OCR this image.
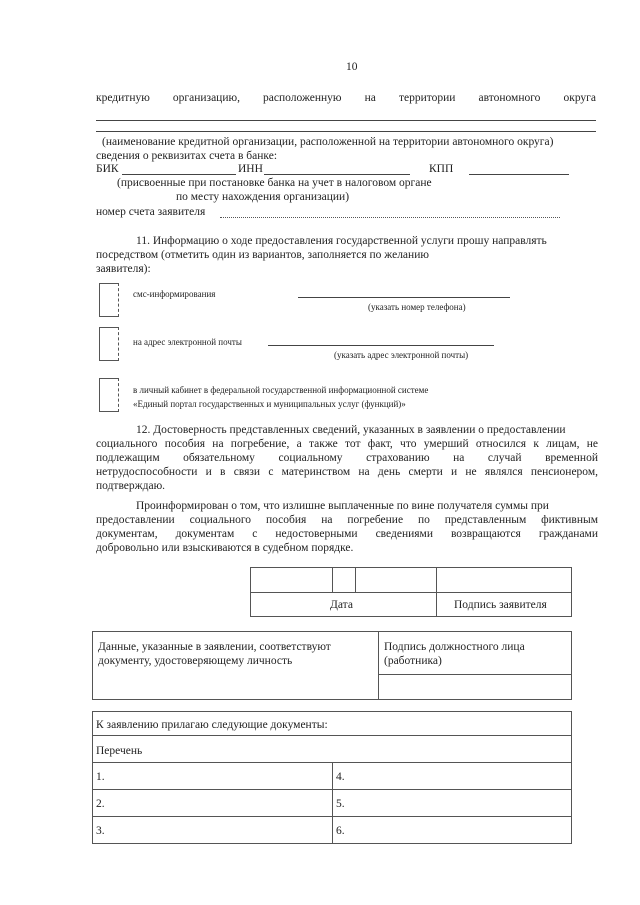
10
кредитную организацию, расположенную на территории автономного округа
(наименование кредитной организации, расположенной на территории автономного округа)
сведения о реквизитах счета в банке:
БИК	ИНН	КПП
(присвоенные при постановке банка на учет в налоговом органе
по месту нахождения организации)
номер счета заявителя
11. Информацию о ходе предоставления государственной услуги прошу направлять
посредством (отметить один из вариантов, заполняется по желанию
заявителя):
смс-информирования
(указать номер телефона)
на адрес электронной почты
(указать адрес электронной почты)
в личный кабинет в федеральной государственной информационной системе
«Единый портал государственных и муниципальных услуг (функций)»
12. Достоверность представленных сведений, указанных в заявлении о предоставлении
социального пособия на погребение, а также тот факт, что умерший относился к лицам, не
подлежащим обязательному социальному страхованию на случай временной
нетрудоспособности и в связи с материнством на день смерти и не являлся пенсионером,
подтверждаю.
Проинформирован о том, что излишне выплаченные по вине получателя суммы при
предоставлении социального пособия на погребение по представленным фиктивным
документам, документам с недостоверными сведениями возвращаются гражданами
добровольно или взыскиваются в судебном порядке.
Дата	Подпись заявителя
Данные, указанные в заявлении, соответствуют
документу, удостоверяющему личность
Подпись должностного лица
(работника)
К заявлению прилагаю следующие документы:
Перечень
1.	4.
2.	5.
3.	6.
